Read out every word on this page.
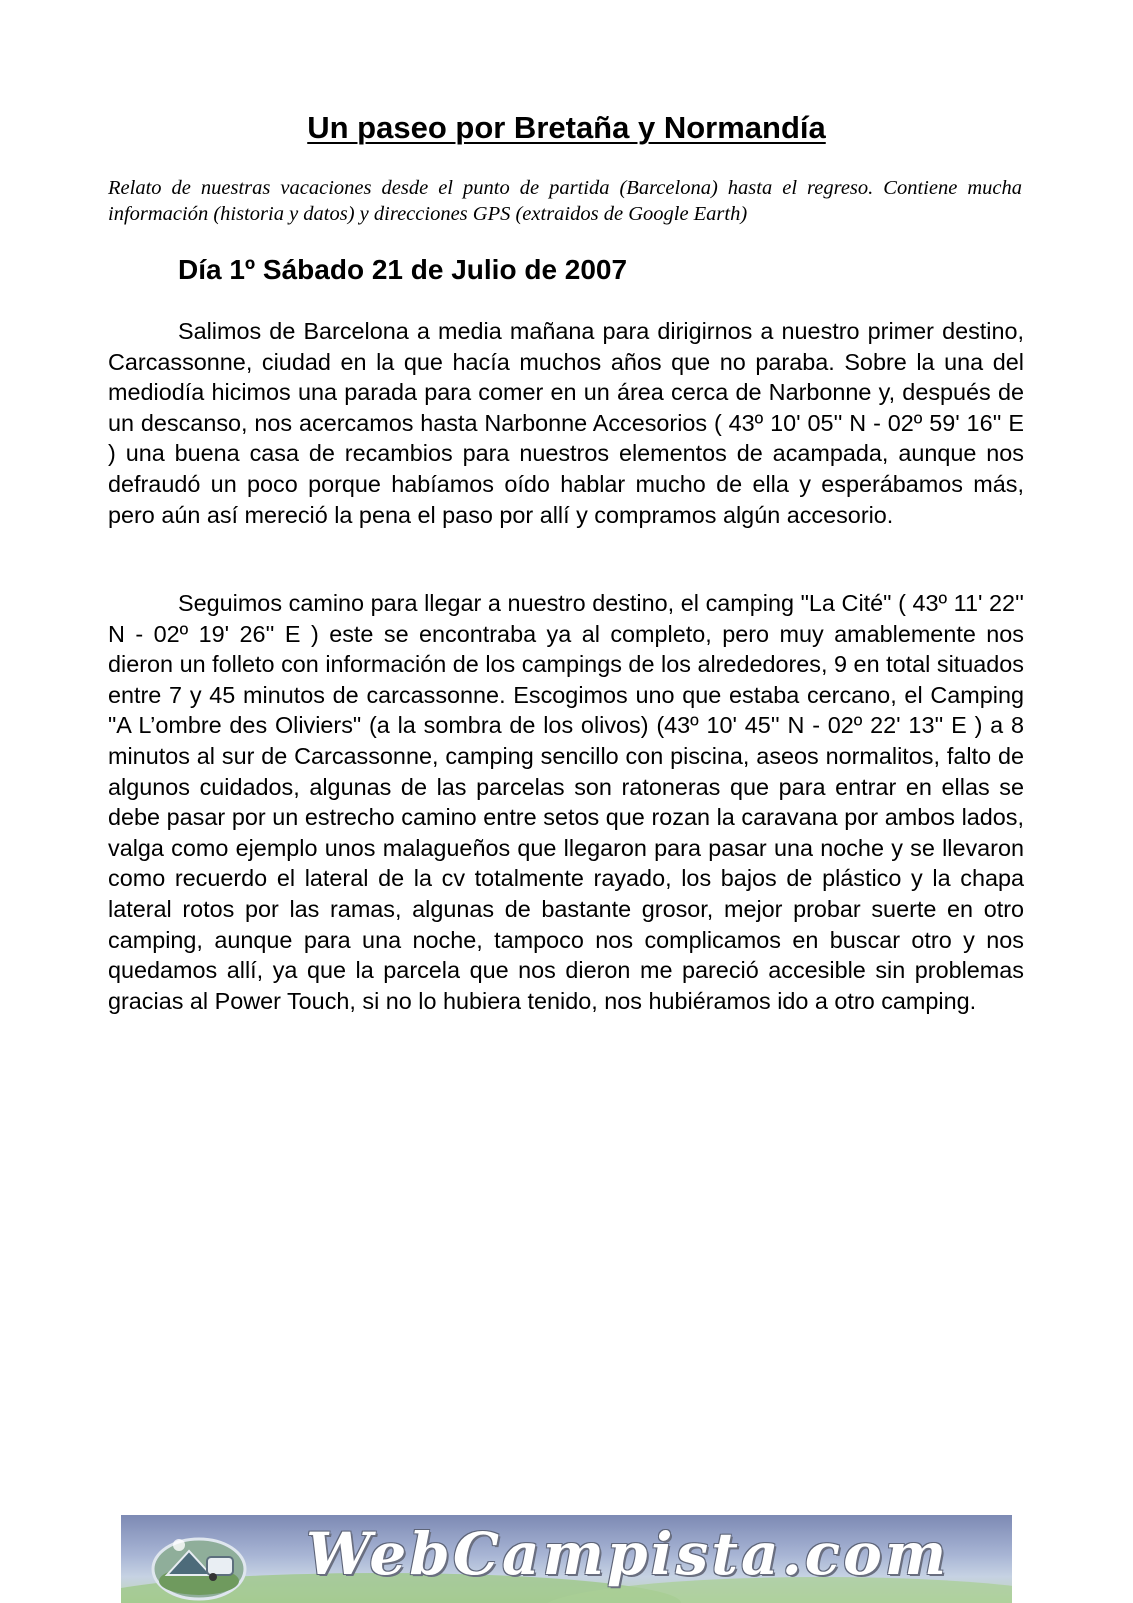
Un paseo por Bretaña y Normandía

Relato de nuestras vacaciones desde el punto de partida (Barcelona) hasta el regreso. Contiene mucha información (historia y datos) y direcciones GPS (extraidos de Google Earth)

Día 1º Sábado 21 de Julio de 2007

Salimos de Barcelona a media mañana para dirigirnos a nuestro primer destino, Carcassonne, ciudad en la que hacía muchos años que no paraba. Sobre la una del mediodía hicimos una parada para comer en un área cerca de Narbonne y, después de un descanso, nos acercamos hasta Narbonne Accesorios ( 43º 10' 05'' N - 02º 59' 16'' E ) una buena casa de recambios para nuestros elementos de acampada, aunque nos defraudó un poco porque habíamos oído hablar mucho de ella y esperábamos más, pero aún así mereció la pena el paso por allí y compramos algún accesorio.

Seguimos camino para llegar a nuestro destino, el camping "La Cité" ( 43º 11' 22'' N - 02º 19' 26'' E ) este se encontraba ya al completo, pero muy amablemente nos dieron un folleto con información de los campings de los alrededores, 9 en total situados entre 7 y 45 minutos de carcassonne. Escogimos uno que estaba cercano, el Camping "A L’ombre des Oliviers" (a la sombra de los olivos) (43º 10' 45'' N - 02º 22' 13'' E ) a 8 minutos al sur de Carcassonne, camping sencillo con piscina, aseos normalitos, falto de algunos cuidados, algunas de las parcelas son ratoneras que para entrar en ellas se debe pasar por un estrecho camino entre setos que rozan la caravana por ambos lados, valga como ejemplo unos malagueños que llegaron para pasar una noche y se llevaron como recuerdo el lateral de la cv totalmente rayado, los bajos de plástico y la chapa lateral rotos por las ramas, algunas de bastante grosor, mejor probar suerte en otro camping, aunque para una noche, tampoco nos complicamos en buscar otro y nos quedamos allí, ya que la parcela que nos dieron me pareció accesible sin problemas gracias al Power Touch, si no lo hubiera tenido, nos hubiéramos ido a otro camping.

WebCampista.com
